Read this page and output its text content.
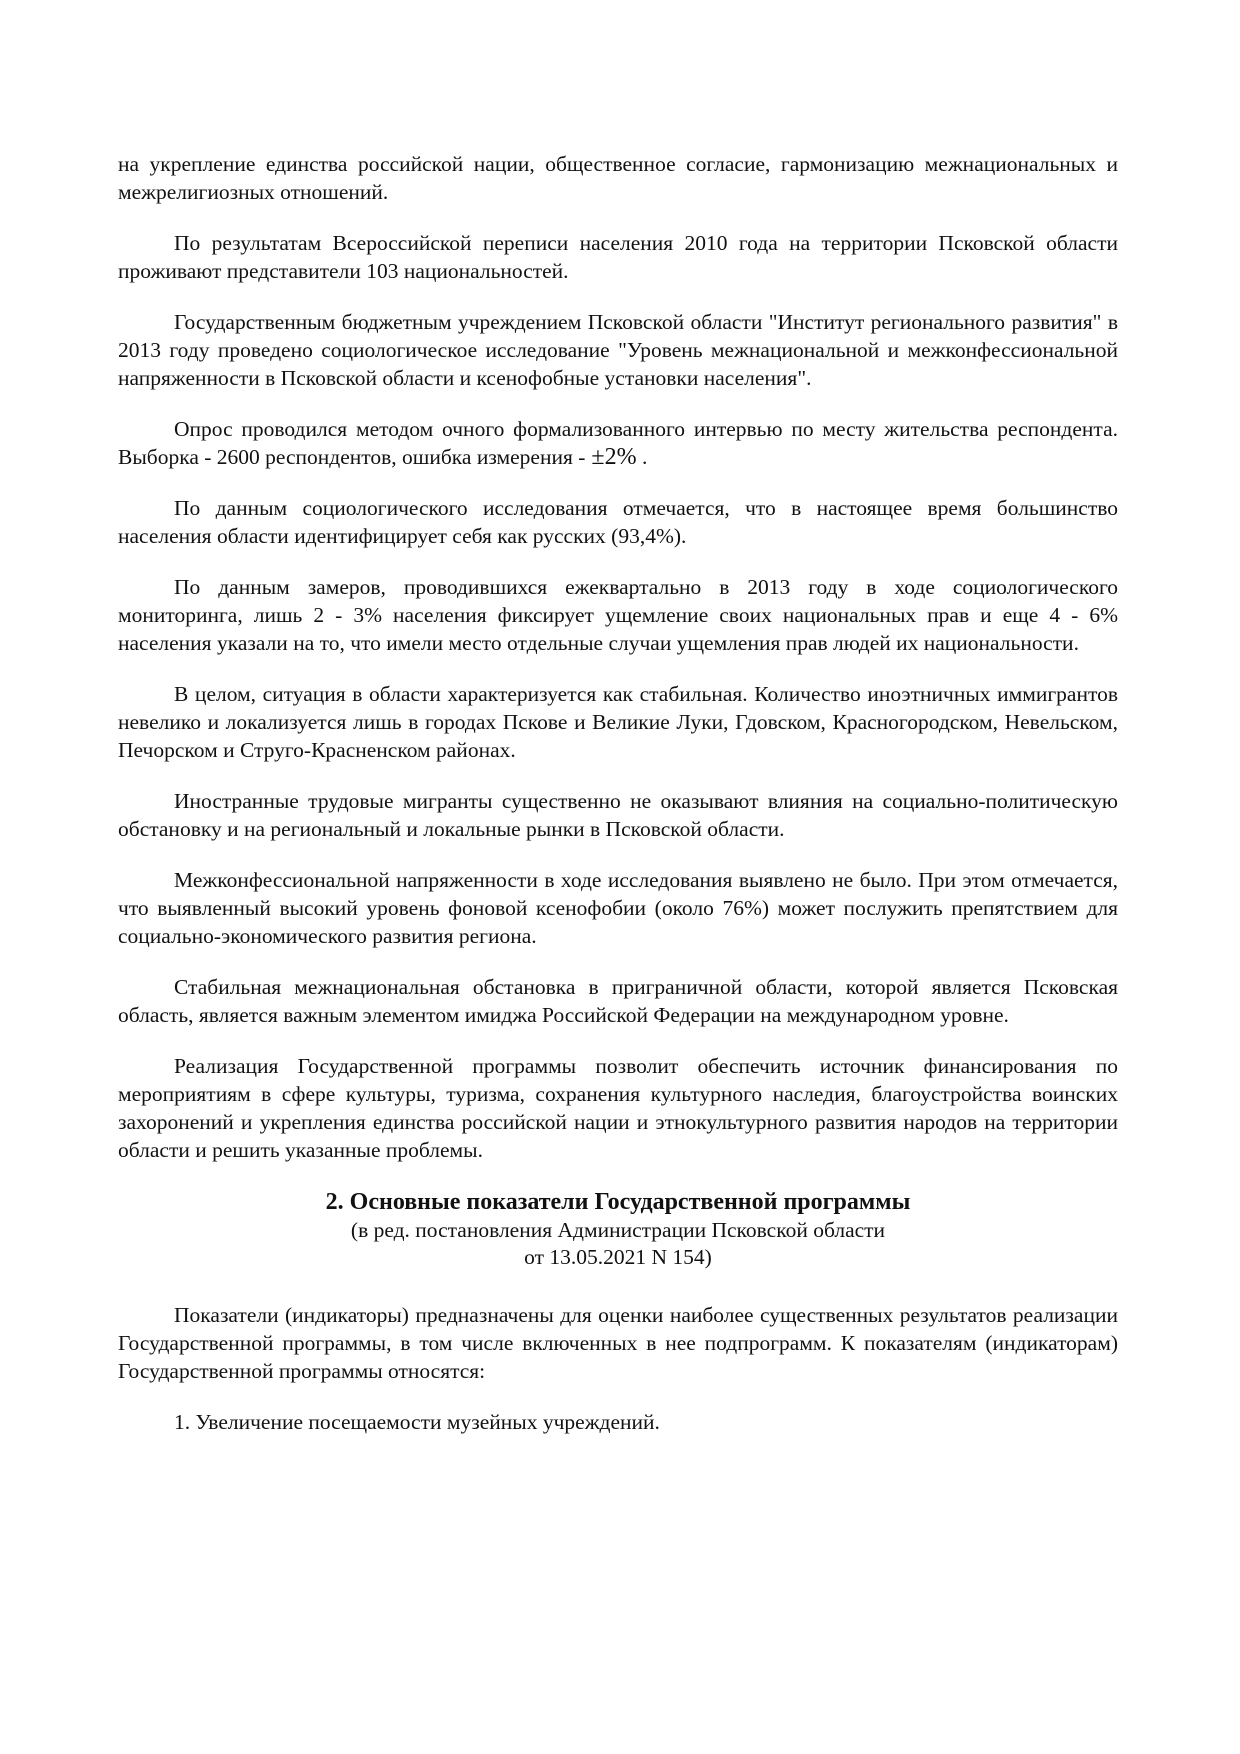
на укрепление единства российской нации, общественное согласие, гармонизацию межнациональных и межрелигиозных отношений.

По результатам Всероссийской переписи населения 2010 года на территории Псковской области проживают представители 103 национальностей.

Государственным бюджетным учреждением Псковской области "Институт регионального развития" в 2013 году проведено социологическое исследование "Уровень межнациональной и межконфессиональной напряженности в Псковской области и ксенофобные установки населения".

Опрос проводился методом очного формализованного интервью по месту жительства респондента. Выборка - 2600 респондентов, ошибка измерения - ±2% .

По данным социологического исследования отмечается, что в настоящее время большинство населения области идентифицирует себя как русских (93,4%).

По данным замеров, проводившихся ежеквартально в 2013 году в ходе социологического мониторинга, лишь 2 - 3% населения фиксирует ущемление своих национальных прав и еще 4 - 6% населения указали на то, что имели место отдельные случаи ущемления прав людей их национальности.

В целом, ситуация в области характеризуется как стабильная. Количество иноэтничных иммигрантов невелико и локализуется лишь в городах Пскове и Великие Луки, Гдовском, Красногородском, Невельском, Печорском и Струго-Красненском районах.

Иностранные трудовые мигранты существенно не оказывают влияния на социально-политическую обстановку и на региональный и локальные рынки в Псковской области.

Межконфессиональной напряженности в ходе исследования выявлено не было. При этом отмечается, что выявленный высокий уровень фоновой ксенофобии (около 76%) может послужить препятствием для социально-экономического развития региона.

Стабильная межнациональная обстановка в приграничной области, которой является Псковская область, является важным элементом имиджа Российской Федерации на международном уровне.

Реализация Государственной программы позволит обеспечить источник финансирования по мероприятиям в сфере культуры, туризма, сохранения культурного наследия, благоустройства воинских захоронений и укрепления единства российской нации и этнокультурного развития народов на территории области и решить указанные проблемы.

2. Основные показатели Государственной программы
(в ред. постановления Администрации Псковской области
от 13.05.2021 N 154)

Показатели (индикаторы) предназначены для оценки наиболее существенных результатов реализации Государственной программы, в том числе включенных в нее подпрограмм. К показателям (индикаторам) Государственной программы относятся:

1. Увеличение посещаемости музейных учреждений.
